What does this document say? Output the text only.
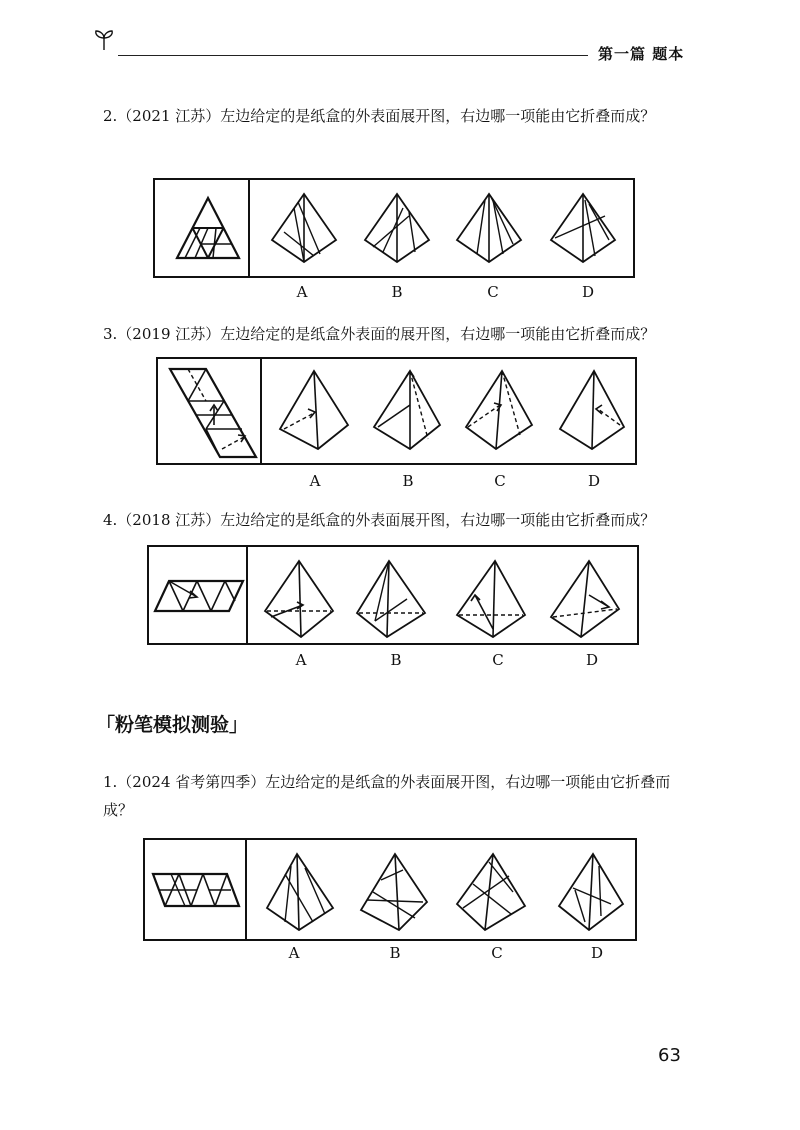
第一篇 题本
2.（2021 江苏）左边给定的是纸盒的外表面展开图，右边哪一项能由它折叠而成？
A	B	C	D
3.（2019 江苏）左边给定的是纸盒外表面的展开图，右边哪一项能由它折叠而成？
A	B	C	D
4.（2018 江苏）左边给定的是纸盒的外表面展开图，右边哪一项能由它折叠而成？
A	B	C	D
「粉笔模拟测验」
1.（2024 省考第四季）左边给定的是纸盒的外表面展开图，右边哪一项能由它折叠而成？
A	B	C	D
63
